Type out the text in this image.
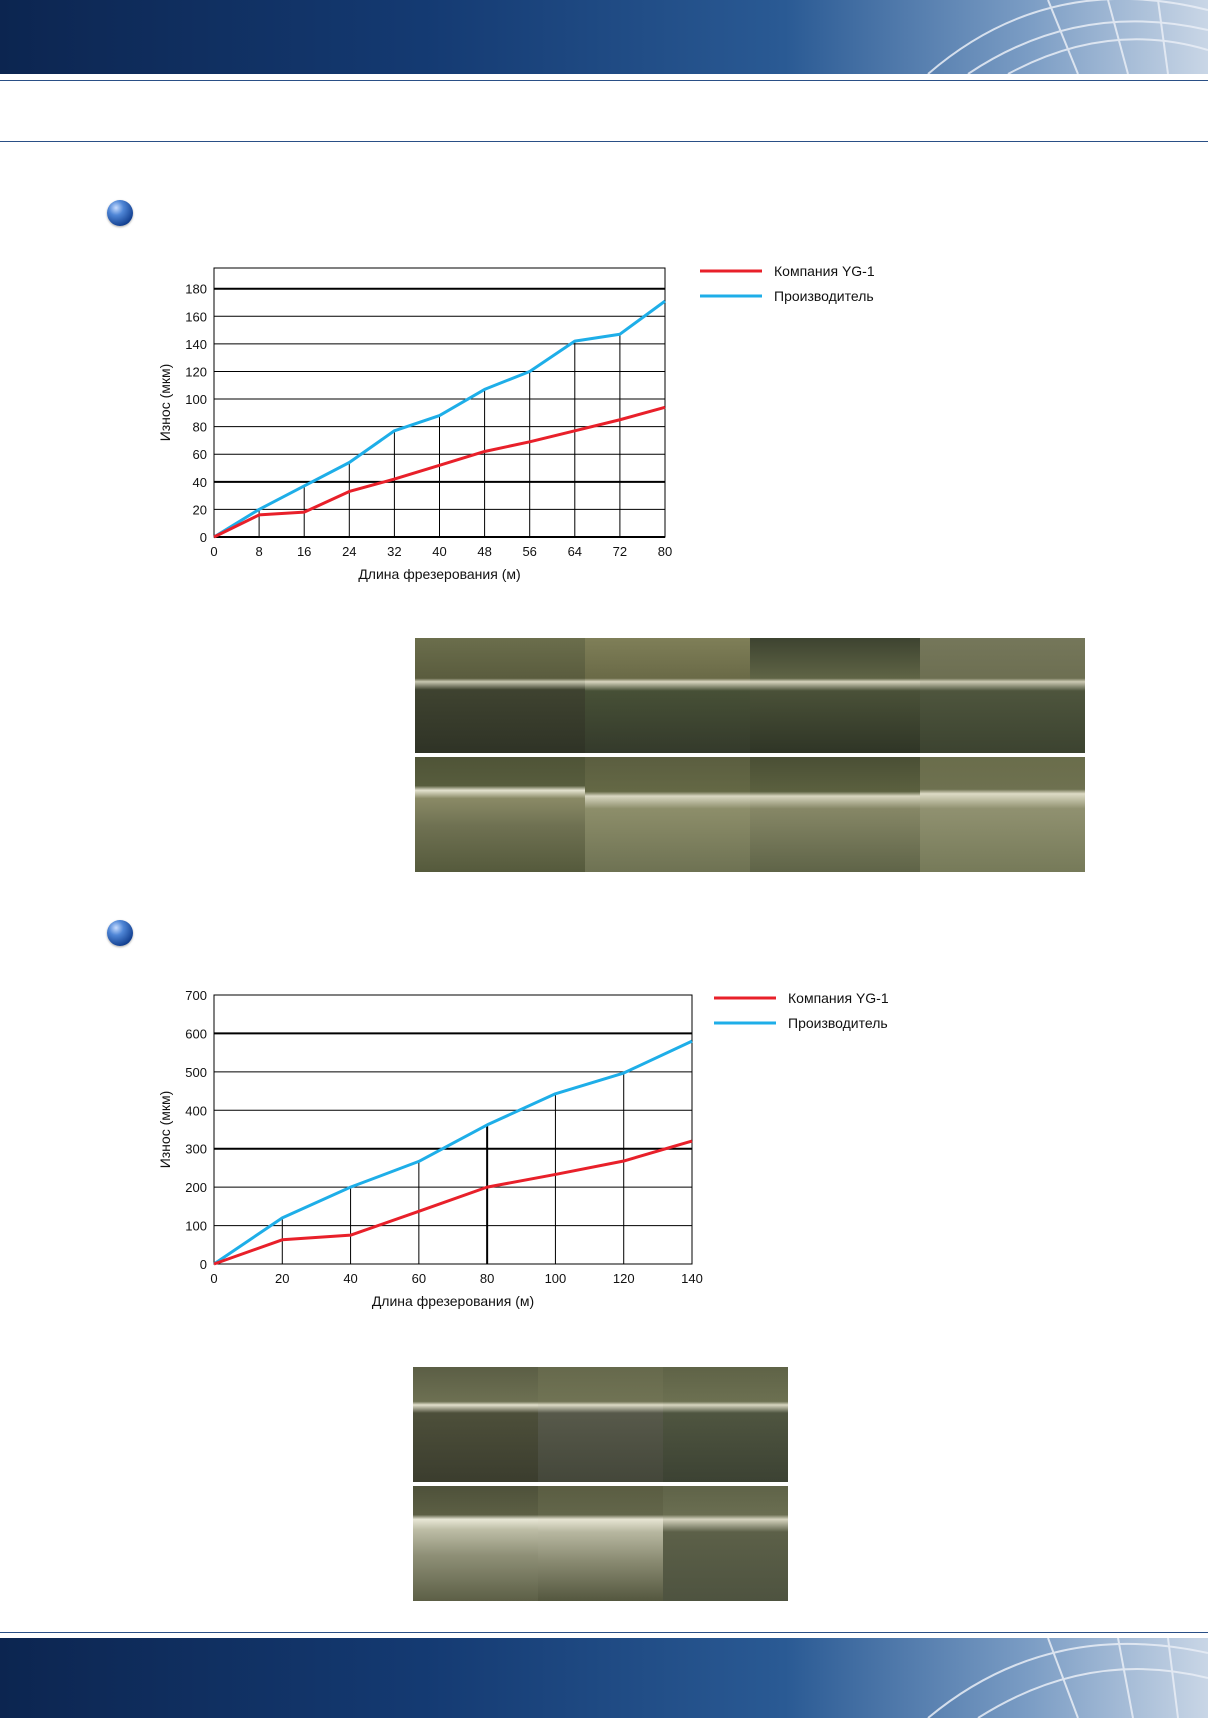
0
20
40
60
80
100
120
140
160
180
0	8	16 24 32 40 48 56 64 72 80
Длина фрезерования (м)
Износ (мкм)
Компания YG-1
Производитель
0
100
200
300
400
500
600
700
0	20	40	60	80	100	120	140
Длина фрезерования (м)
Износ (мкм)
Компания YG-1
Производитель
